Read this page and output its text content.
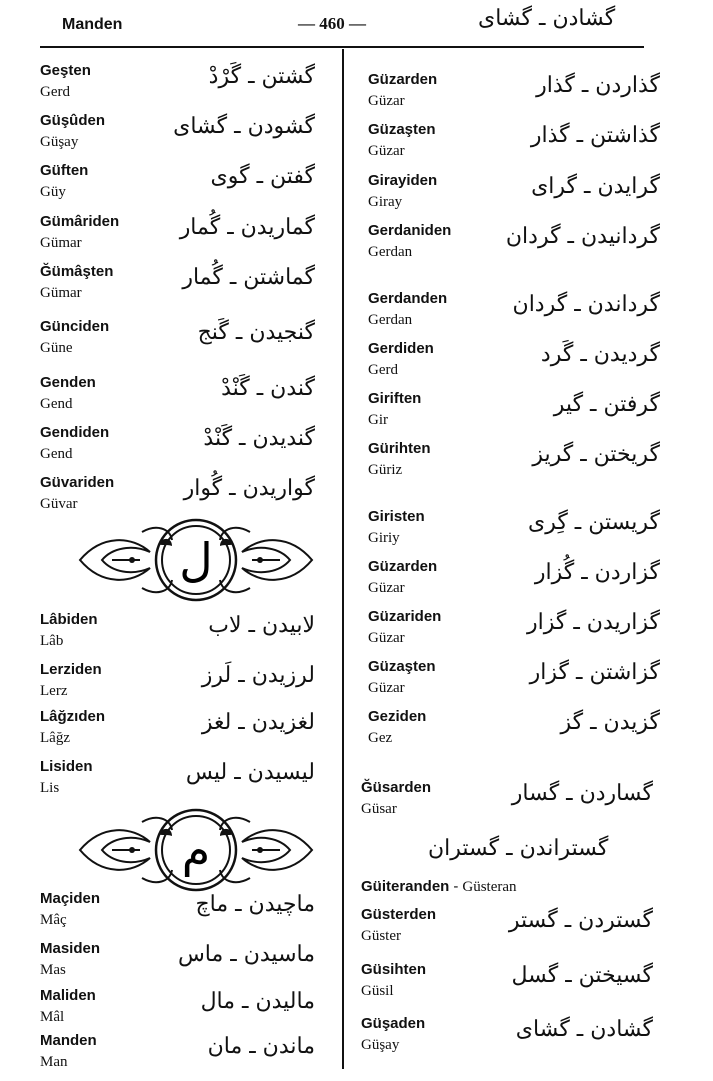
Manden	— 460 —	گشادن ـ گشای
Geşten
Gerd
گشتن ـ گَرْدْ
Güşûden
Güşay
گشودن ـ گشای
Güften
Güy
گفتن ـ گوی
Gümâriden
Gümar
گماریدن ـ گُمار
Ğümâşten
Gümar
گماشتن ـ گُمار
Günciden
Güne
گنجیدن ـ گَنج
Genden
Gend
گندن ـ گَنْدْ
Gendiden
Gend
گندیدن ـ گَنْدْ
Güvariden
Güvar
گواریدن ـ گُوار
ل
Lâbiden
Lâb
لابیدن ـ لاب
Lerziden
Lerz
لرزیدن ـ لَرز
Lâğzıden
Lâğz
لغزیدن ـ لغز
Lisiden
Lis
لیسیدن ـ لیس
م
Maçiden
Mâç
ماچیدن ـ ماچ
Masiden
Mas
ماسیدن ـ ماس
Maliden
Mâl
مالیدن ـ مال
Manden
Man
ماندن ـ مان
Güzarden
Güzar
گذاردن ـ گذار
Güzaşten
Güzar
گذاشتن ـ گذار
Girayiden
Giray
گرایدن ـ گرای
Gerdaniden
Gerdan
گردانیدن ـ گردان
Gerdanden
Gerdan
گرداندن ـ گردان
Gerdiden
Gerd
گردیدن ـ گَرد
Giriften
Gir
گرفتن ـ گیر
Gürihten
Güriz
گریختن ـ گریز
Giristen
Giriy
گریستن ـ گِری
Güzarden
Güzar
گزاردن ـ گُزار
Güzariden
Güzar
گزاریدن ـ گزار
Güzaşten
Güzar
گزاشتن ـ گزار
Geziden
Gez
گزیدن ـ گز
Ğüsarden
Güsar
گساردن ـ گسار
Güsterden
Güster
گستردن ـ گستر
Güsihten
Güsil
گسیختن ـ گسل
Güşaden
Güşay
گشادن ـ گشای
گستراندن ـ گستران
Güiteranden - Güsteran
